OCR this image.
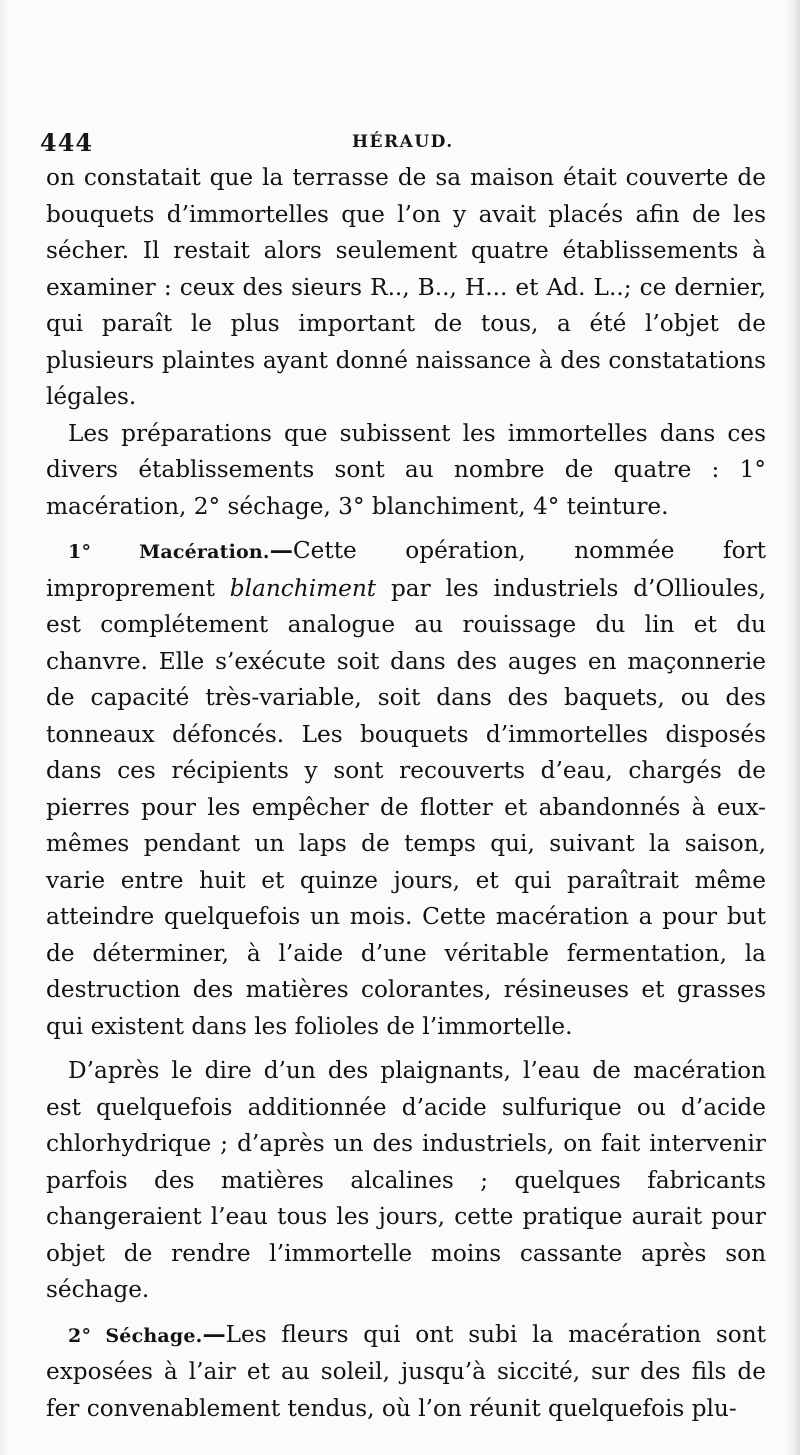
444	HÉRAUD.

on constatait que la terrasse de sa maison était couverte de bouquets d’immortelles que l’on y avait placés afin de les sécher. Il restait alors seulement quatre établissements à examiner : ceux des sieurs R.., B.., H... et Ad. L..; ce dernier, qui paraît le plus important de tous, a été l’objet de plusieurs plaintes ayant donné naissance à des constatations légales.

Les préparations que subissent les immortelles dans ces divers établissements sont au nombre de quatre : 1° macération, 2° séchage, 3° blanchiment, 4° teinture.

1° Macération.—Cette opération, nommée fort improprement blanchiment par les industriels d’Ollioules, est complétement analogue au rouissage du lin et du chanvre. Elle s’exécute soit dans des auges en maçonnerie de capacité très-variable, soit dans des baquets, ou des tonneaux défoncés. Les bouquets d’immortelles disposés dans ces récipients y sont recouverts d’eau, chargés de pierres pour les empêcher de flotter et abandonnés à eux-mêmes pendant un laps de temps qui, suivant la saison, varie entre huit et quinze jours, et qui paraîtrait même atteindre quelquefois un mois. Cette macération a pour but de déterminer, à l’aide d’une véritable fermentation, la destruction des matières colorantes, résineuses et grasses qui existent dans les folioles de l’immortelle.

D’après le dire d’un des plaignants, l’eau de macération est quelquefois additionnée d’acide sulfurique ou d’acide chlorhydrique ; d’après un des industriels, on fait intervenir parfois des matières alcalines ; quelques fabricants changeraient l’eau tous les jours, cette pratique aurait pour objet de rendre l’immortelle moins cassante après son séchage.

2° Séchage.—Les fleurs qui ont subi la macération sont exposées à l’air et au soleil, jusqu’à siccité, sur des fils de fer convenablement tendus, où l’on réunit quelquefois plu-
